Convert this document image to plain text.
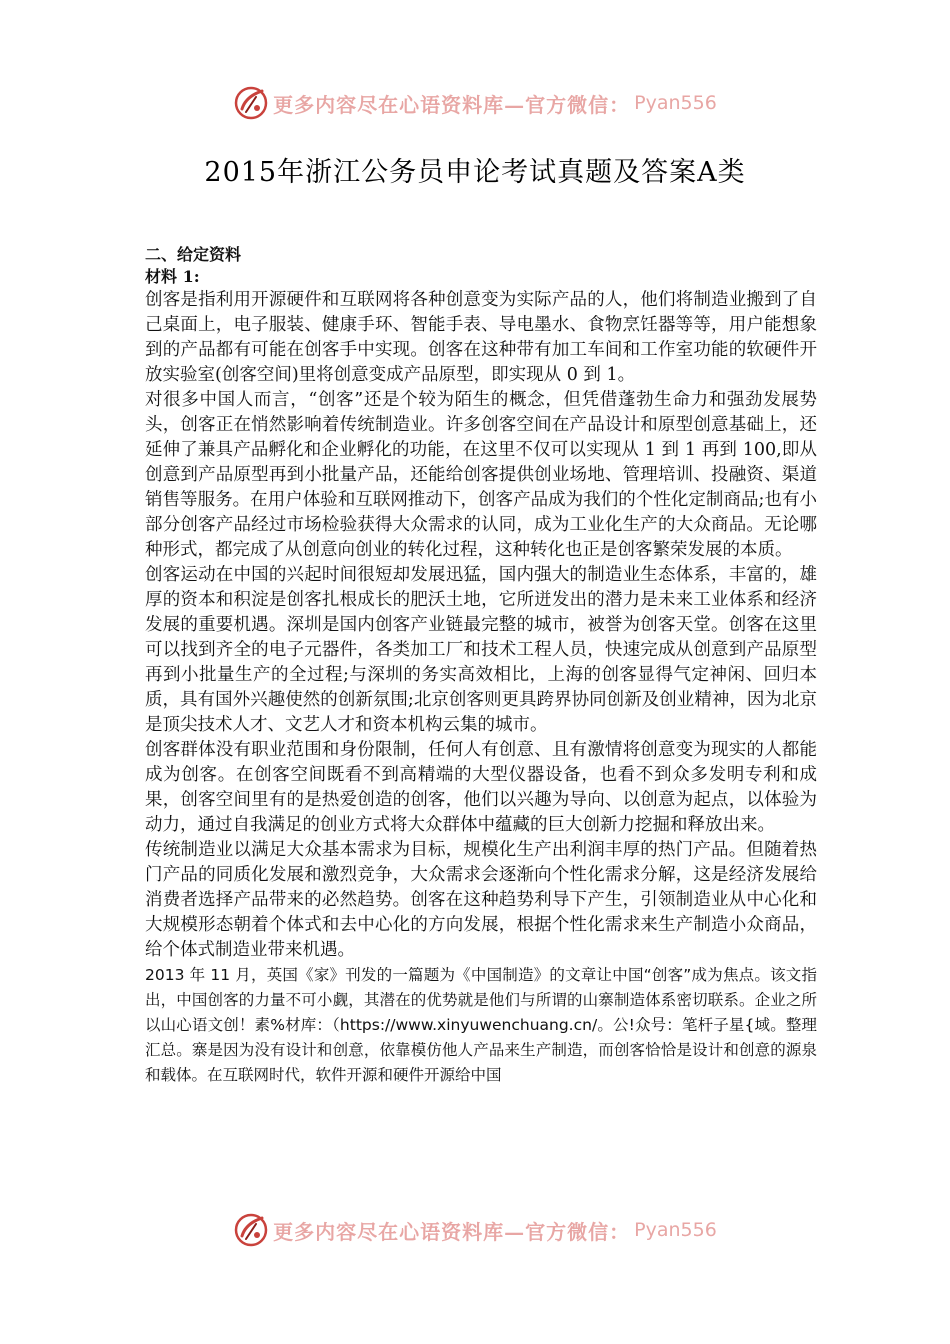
更多内容尽在心语资料库—官方微信： Pyan556
2015年浙江公务员申论考试真题及答案A类

二、给定资料

材料 1:

创客是指利用开源硬件和互联网将各种创意变为实际产品的人，他们将制造业搬到了自己桌面上，电子服装、健康手环、智能手表、导电墨水、食物烹饪器等等，用户能想象到的产品都有可能在创客手中实现。创客在这种带有加工车间和工作室功能的软硬件开放实验室(创客空间)里将创意变成产品原型，即实现从 0 到 1。

对很多中国人而言，“创客”还是个较为陌生的概念，但凭借蓬勃生命力和强劲发展势头，创客正在悄然影响着传统制造业。许多创客空间在产品设计和原型创意基础上，还延伸了兼具产品孵化和企业孵化的功能，在这里不仅可以实现从 1 到 1 再到 100,即从创意到产品原型再到小批量产品，还能给创客提供创业场地、管理培训、投融资、渠道销售等服务。在用户体验和互联网推动下，创客产品成为我们的个性化定制商品;也有小部分创客产品经过市场检验获得大众需求的认同，成为工业化生产的大众商品。无论哪种形式，都完成了从创意向创业的转化过程，这种转化也正是创客繁荣发展的本质。

创客运动在中国的兴起时间很短却发展迅猛，国内强大的制造业生态体系，丰富的，雄厚的资本和积淀是创客扎根成长的肥沃土地，它所迸发出的潜力是未来工业体系和经济发展的重要机遇。深圳是国内创客产业链最完整的城市，被誉为创客天堂。创客在这里可以找到齐全的电子元器件，各类加工厂和技术工程人员，快速完成从创意到产品原型再到小批量生产的全过程;与深圳的务实高效相比，上海的创客显得气定神闲、回归本质，具有国外兴趣使然的创新氛围;北京创客则更具跨界协同创新及创业精神，因为北京是顶尖技术人才、文艺人才和资本机构云集的城市。

创客群体没有职业范围和身份限制，任何人有创意、且有激情将创意变为现实的人都能成为创客。在创客空间既看不到高精端的大型仪器设备，也看不到众多发明专利和成果，创客空间里有的是热爱创造的创客，他们以兴趣为导向、以创意为起点，以体验为动力，通过自我满足的创业方式将大众群体中蕴藏的巨大创新力挖掘和释放出来。

传统制造业以满足大众基本需求为目标，规模化生产出利润丰厚的热门产品。但随着热门产品的同质化发展和激烈竞争，大众需求会逐渐向个性化需求分解，这是经济发展给消费者选择产品带来的必然趋势。创客在这种趋势利导下产生，引领制造业从中心化和大规模形态朝着个体式和去中心化的方向发展，根据个性化需求来生产制造小众商品，给个体式制造业带来机遇。

2013 年 11 月，英国《家》刊发的一篇题为《中国制造》的文章让中国“创客”成为焦点。该文指出，中国创客的力量不可小觑，其潜在的优势就是他们与所谓的山寨制造体系密切联系。企业之所以山心语文创！素%材库：（https://www.xinyuwenchuang.cn/。公!众号：笔杆子星{域。整理汇总。寨是因为没有设计和创意，依靠模仿他人产品来生产制造，而创客恰恰是设计和创意的源泉和载体。在互联网时代，软件开源和硬件开源给中国

更多内容尽在心语资料库—官方微信： Pyan556
